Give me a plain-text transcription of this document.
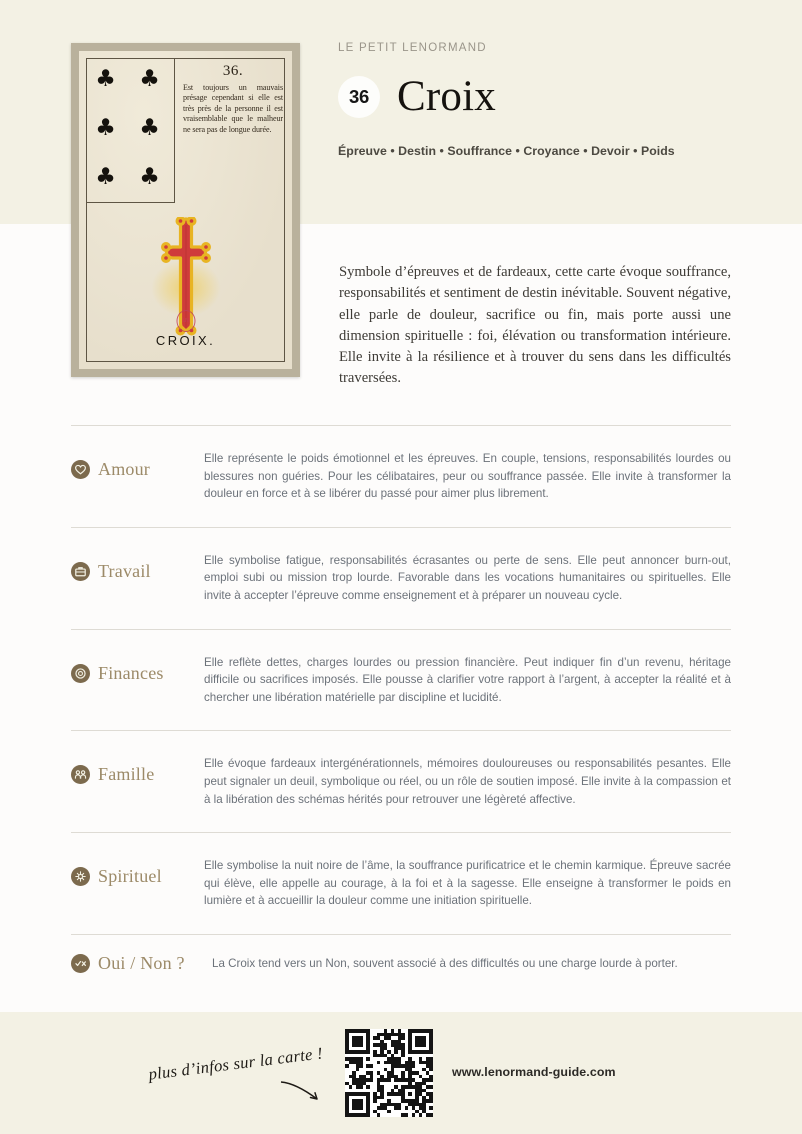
♣ ♣
♣ ♣
♣ ♣
36.
Est toujours un mauvais présage cependant si elle est très près de la personne il est vraisemblable que le malheur ne sera pas de longue durée.
LN
CROIX.
LE PETIT LENORMAND
36 Croix
Épreuve • Destin • Souffrance • Croyance • Devoir • Poids
Symbole d’épreuves et de fardeaux, cette carte évoque souffrance, responsabilités et sentiment de destin inévitable. Souvent négative, elle parle de douleur, sacrifice ou fin, mais porte aussi une dimension spirituelle : foi, élévation ou transformation intérieure. Elle invite à la résilience et à trouver du sens dans les difficultés traversées.
Amour
Elle représente le poids émotionnel et les épreuves. En couple, tensions, responsabilités lourdes ou blessures non guéries. Pour les célibataires, peur ou souffrance passée. Elle invite à transformer la douleur en force et à se libérer du passé pour aimer plus librement.
Travail
Elle symbolise fatigue, responsabilités écrasantes ou perte de sens. Elle peut annoncer burn-out, emploi subi ou mission trop lourde. Favorable dans les vocations humanitaires ou spirituelles. Elle invite à accepter l’épreuve comme enseignement et à préparer un nouveau cycle.
Finances
Elle reflète dettes, charges lourdes ou pression financière. Peut indiquer fin d’un revenu, héritage difficile ou sacrifices imposés. Elle pousse à clarifier votre rapport à l’argent, à accepter la réalité et à chercher une libération matérielle par discipline et lucidité.
Famille
Elle évoque fardeaux intergénérationnels, mémoires douloureuses ou responsabilités pesantes. Elle peut signaler un deuil, symbolique ou réel, ou un rôle de soutien imposé. Elle invite à la compassion et à la libération des schémas hérités pour retrouver une légèreté affective.
Spirituel
Elle symbolise la nuit noire de l’âme, la souffrance purificatrice et le chemin karmique. Épreuve sacrée qui élève, elle appelle au courage, à la foi et à la sagesse. Elle enseigne à transformer le poids en lumière et à accueillir la douleur comme une initiation spirituelle.
Oui / Non ? La Croix tend vers un Non, souvent associé à des difficultés ou une charge lourde à porter.
plus d’infos sur la carte !	www.lenormand-guide.com
